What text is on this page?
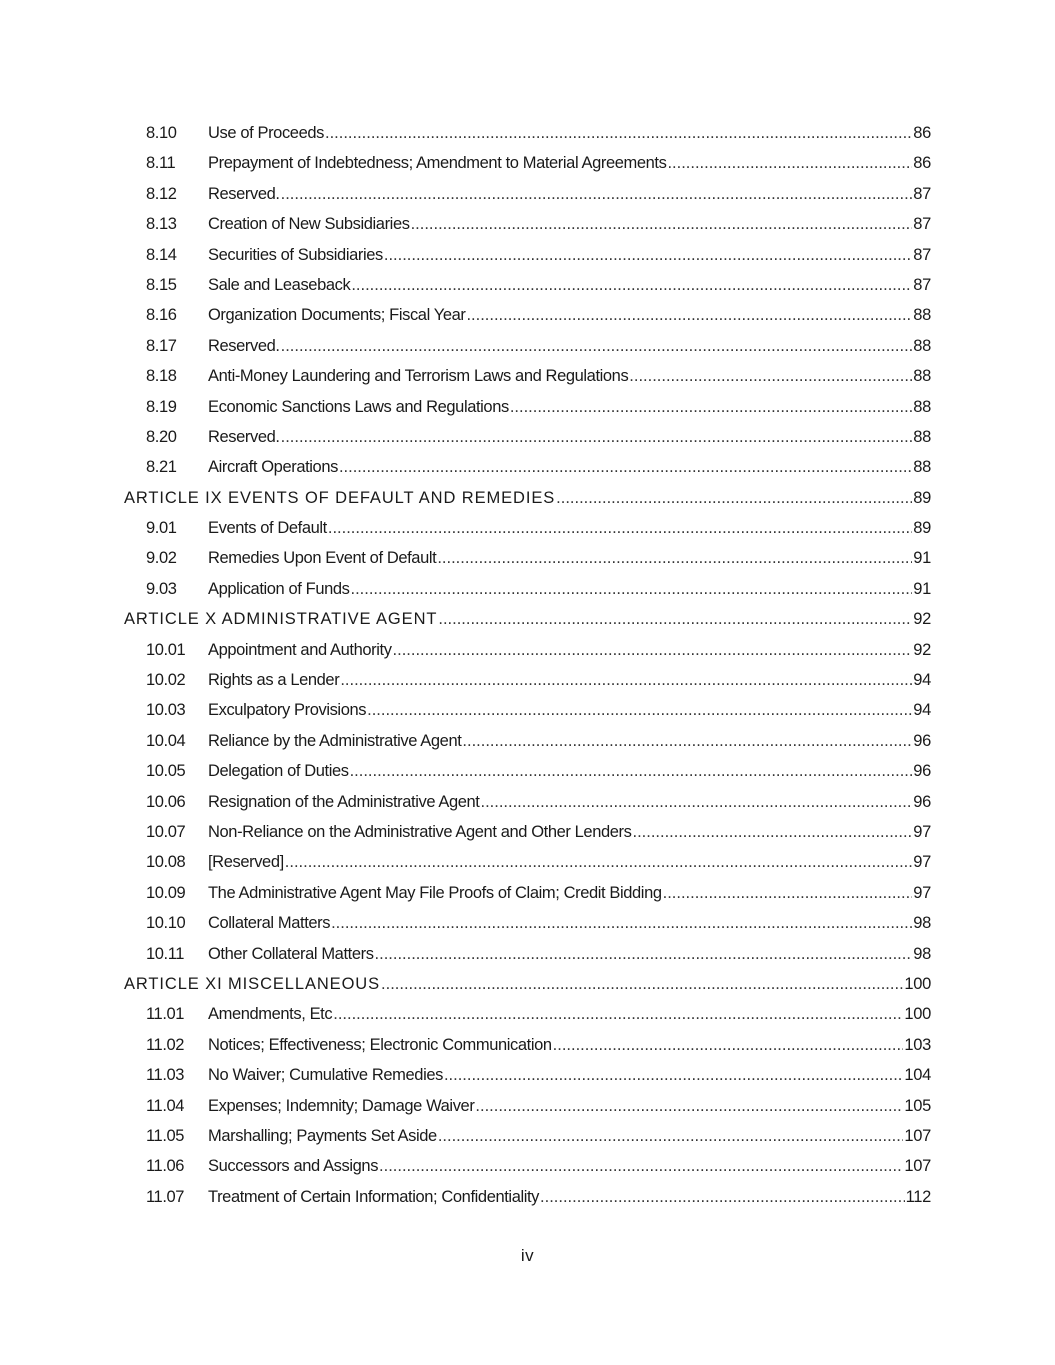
8.10 Use of Proceeds .....	86
8.11 Prepayment of Indebtedness; Amendment to Material Agreements .....	86
8.12 Reserved. .....	87
8.13 Creation of New Subsidiaries .....	87
8.14 Securities of Subsidiaries .....	87
8.15 Sale and Leaseback .....	87
8.16 Organization Documents; Fiscal Year .....	88
8.17 Reserved. .....	88
8.18 Anti-Money Laundering and Terrorism Laws and Regulations .....	88
8.19 Economic Sanctions Laws and Regulations .....	88
8.20 Reserved. .....	88
8.21 Aircraft Operations .....	88
ARTICLE IX EVENTS OF DEFAULT AND REMEDIES .....	89
9.01 Events of Default .....	89
9.02 Remedies Upon Event of Default .....	91
9.03 Application of Funds .....	91
ARTICLE X ADMINISTRATIVE AGENT .....	92
10.01 Appointment and Authority .....	92
10.02 Rights as a Lender .....	94
10.03 Exculpatory Provisions .....	94
10.04 Reliance by the Administrative Agent .....	96
10.05 Delegation of Duties .....	96
10.06 Resignation of the Administrative Agent .....	96
10.07 Non-Reliance on the Administrative Agent and Other Lenders .....	97
10.08 [Reserved] .....	97
10.09 The Administrative Agent May File Proofs of Claim; Credit Bidding .....	97
10.10 Collateral Matters .....	98
10.11 Other Collateral Matters .....	98
ARTICLE XI MISCELLANEOUS .....	100
11.01 Amendments, Etc .....	100
11.02 Notices; Effectiveness; Electronic Communication .....	103
11.03 No Waiver; Cumulative Remedies .....	104
11.04 Expenses; Indemnity; Damage Waiver .....	105
11.05 Marshalling; Payments Set Aside .....	107
11.06 Successors and Assigns .....	107
11.07 Treatment of Certain Information; Confidentiality .....	112
iv
